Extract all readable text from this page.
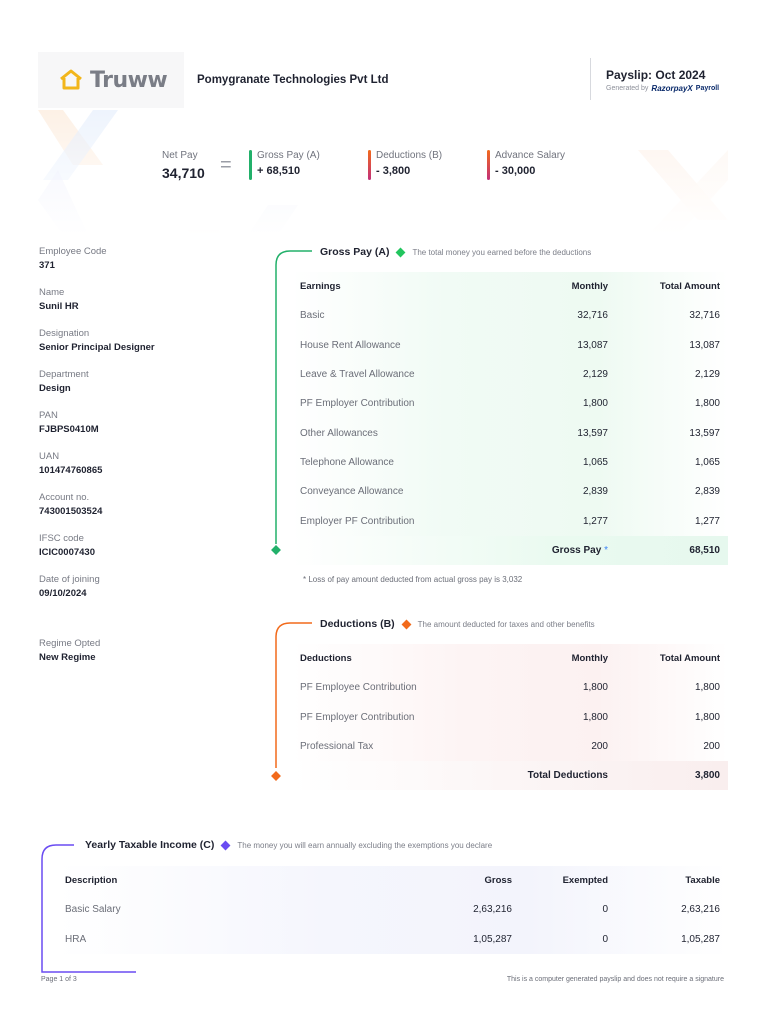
Truww	Pomygranate Technologies Pvt Ltd	Payslip: Oct 2024
Generated by RazorpayX Payroll
Net Pay
34,710 =	Gross Pay (A)
+ 68,510
Deductions (B)
- 3,800
Advance Salary
- 30,000
Employee Code
371
Name
Sunil HR
Designation
Senior Principal Designer
Department
Design
PAN
FJBPS0410M
UAN
101474760865
Account no.
743001503524
IFSC code
ICIC0007430
Date of joining
09/10/2024
Regime Opted
New Regime
Gross Pay (A)	The total money you earned before the deductions
Earnings	Monthly	Total Amount
Basic	32,716	32,716
House Rent Allowance	13,087	13,087
Leave & Travel Allowance	2,129	2,129
PF Employer Contribution	1,800	1,800
Other Allowances	13,597	13,597
Telephone Allowance	1,065	1,065
Conveyance Allowance	2,839	2,839
Employer PF Contribution	1,277	1,277
	Gross Pay *	68,510
* Loss of pay amount deducted from actual gross pay is 3,032
Deductions (B)	The amount deducted for taxes and other benefits
Deductions	Monthly	Total Amount
PF Employee Contribution	1,800	1,800
PF Employer Contribution	1,800	1,800
Professional Tax	200	200
	Total Deductions	3,800
Yearly Taxable Income (C)	The money you will earn annually excluding the exemptions you declare
Description	Gross	Exempted	Taxable
Basic Salary	2,63,216	0	2,63,216
HRA	1,05,287	0	1,05,287
Page 1 of 3	This is a computer generated payslip and does not require a signature
